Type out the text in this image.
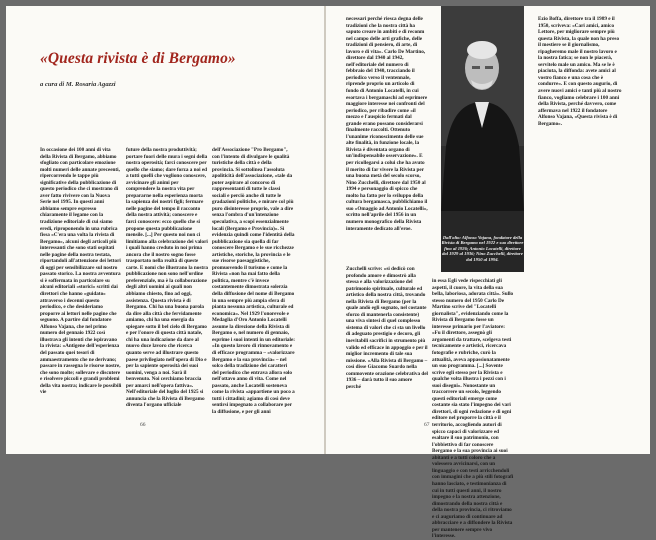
«Questa rivista è di Bergamo»

a cura di M. Rosaria Agazzi

In occasione dei 100 anni di vita della Rivista di Bergamo, abbiamo sfogliato con particolare emozione molti numeri delle annate preceenti, ripercorrendo le tappe più significative della pubblicazione di questo periodico che ci mostrano di aver fatto rivivere con la Nuova Serie nel 1995. In questi anni abbiamo sempre espresso chiaramente il legame con la tradizione editoriale di cui siamo eredi, riproponendo in una rubrica fissa «C'era una volta la rivista di Bergamo», alcuni degli articoli più interessanti che sono stati ospitati nelle pagine della nostra testata, riportandoli all'attenzione dei lettori di oggi per sensibilizzare sul nostro passato storico. La nostra avventura si è soffermata in particolare su alcuni editoriali «storici» scritti dai direttori che hanno «guidato» attraverso i decenni questo periodico, e che desideriamo proporre ai lettori nelle pagine che seguono. A partire dal fondatore Alfonso Vajana, che nel primo numero del gennaio 1922 così illustrava gli intenti che ispiravano la rivista: «Antigene dell'esperienza del passato quei tesori di ammaestramento che ne derivano; passare in rassegna le risorse nostre, che sono molte; sollevare e discutere e risolvere piccoli e grandi problemi della vita nostra; indicare le possibili vie

future della nostra produttività; portare fuori delle mura i segni della nostra operosità; farci conoscere per quello che siamo; dare forza a noi ed a tutti quelli che vogliono conoscere, avvicinare gli animi per comprendere la nostra vita per prepararne nella esperienza morta la sapienza dei nostri figli; fermare nelle pagine del tempo il racconto della nostra attività; conoscere e farci conoscere: ecco quello che si propone questa pubblicazione mensile. [...] Per questo noi non ci limitiamo alla celebrazione dei valori i quali hanno creduto in noi prima ancora che il nostro sogno fosse trasportato nella realtà di queste carte. E nomi che illustrano la nostra pubblicazione non sono nell'ordine preferenziale, ma è la collaborazione degli altri uomini ai quali non abbiamo chiesto, fino ad oggi, assistenza. Questa rivista è di Bergamo. Chi ha una buona parola da dire alla città che fervidamente amiamo, chi ha una energia da spiegare sotto il bel cielo di Bergamo e per l'onore di questa città natale, chi ha una indicazione da dare al nuovo duce lavoro che ricerca quanto serve ad illustrare questo paese privilegiato nell'opera di Dio e per la sapiente operosità dei suoi uomini, venga a noi. Sarà il benvenuto. Noi cerchiamo braccia per amarci nell'opera fattiva». Nell'editoriale del luglio del 1925 si annuncia che la Rivista di Bergamo diventa l'organo ufficiale

dell'Associazione "Pro Bergamo", con l'intento di divulgare le qualità turistiche della città e della provincia. Si sottolinea l'assoluta apoliticità dell'associazione, «tale da poter aspirare al concorso di rappresentanti di tutte le classi sociali e perciò anche di tutte le gradazioni politiche, e mirare col più puro disinteresse proprio, vale a dire senza l'ombra d'un'intenzione speculativa, a scopi essenzialmente locali (Bergamo e Provincia)». Si evidenzia quindi come l'identità della pubblicazione sia quella di far conoscere Bergamo e le sue ricchezze artistiche, storiche, la provincia e le sue risorse paesaggistiche, promuovendo il turismo e come la Rivista «non ha mai fatto della politica, mentre c'è invece costantemente dimostrata solerzia della diffusione del nome di Bergamo in una sempre più ampia sfera di pianta nessuna artistica, culturale ed economica». Nel 1929 l'onorevole e Medaglia d'Oro Antonio Locatelli assume la direzione della Rivista di Bergamo e, nel numero di gennaio, esprime i suoi intenti in un editoriale: «In questo lavoro di rinnovamento e di efficace programma – «valorizzare Bergamo e la sua provincia» – nel solco della tradizione dei caratteri del periodico che entrava allora solo nell'ottavo anno di vita. Come nel passato, anche Locatelli sosteneva come la rivista «appartiene un poco a tutti i cittadini; agiamo di così deve sentirsi impegnato a collaborare per la diffusione, e per gli anni

66

necessari perché riesca degna delle tradizioni che la nostra città ha saputo creare in ambiti e di reconm nel campo delle arti grafiche, delle tradizioni di pensiero, di arte, di lavoro e di vita». Carlo De Martino, direttore dal 1940 al 1942, nell'editoriale del numero di febbraio del 1940, tracciando il periodico verso il ventennale, riprende proprio un articolo di fondo di Antonio Locatelli, in cui esortava i bergamaschi ad esprimere maggiore interesse nei confronti del periodico, per ribadire come «il mezzo e l'auspicio fermati dal grande erano possano considerarsi finalmente raccolti. Ottenuto l'unanime riconoscimento delle sue alte finalità, in funzione locale, la Rivista è diventata organo di un'indispensabile osservazione». E per ricollegarsi a colui che ha avuto il merito di far vivere la Rivista per una buona metà del secolo scorso, Nino Zucchelli, direttore dal 1950 al 1994 e personaggio di spicco che molto ha fatto per lo sviluppo della cultura bergamasca, pubblichiamo il suo «Omaggio ad Antonio Locatelli», scritto nell'aprile del 1956 in un numero monografico della Rivista interamente dedicato all'eroe.

Zucchelli scrive: «si dedicò con profondo amore e dimostrò alla stessa e alla valorizzazione del patrimonio spirituale, culturale ed artistico della nostra città, trovando nella Rivista di Bergamo (per la quale andò egli sognato, nel costante sforzo di mantenerla consistente) una viva sintesi di quel complesso sistema di valori che ci sta un livello di adeguato prestigio e decoro, gli inevitabili sacrifici in strumento più valido ed efficace in appoggio e per il miglior incremento di tale sua missione. «Alla Rivista di Bergamo – così disse Giacomo Suardo nella commovente orazione celebrativa del 1936 – darà tutto il suo amore perché

Dall'alto: Alfonso Vajana, fondatore della Rivista di Bergamo nel 1922 e suo direttore fino al 1926; Antonio Locatelli, direttore dal 1929 al 1936; Nino Zucchelli, direttore dal 1950 al 1994.

in essa Egli vede rispecchiati gli aspetti, il cuore, la vita della sua bella, laboriosa, adorata città». Sullo stesso numero del 1950 Carlo De Martino scrive del "Locatelli giornalista", evidenziando come la Rivista di Bergamo fosse un interesse primario per l'aviatore: «Fu il direttore, assegnò gli argomenti da trattare, scelgeva testi tecnicamente e artistici, ricercava fotografie e rubriche, curò la attualità, aveva appassionatamente un suo programma. [...] Sovente scrive egli stesso per la Rivista e qualche volta illustra i pezzi con i suoi disegni». Nonostante un traccorrere un secolo, leggendo questi editoriali emerge come costante sia stato l'impegno dei vari direttori, di ogni redazione e di ogni editore nel proporre la città e il territorio, accogliendo autori di spicco capaci di valorizzare ed esaltare il suo patrimonio, con l'obbiettivo di far conoscere Bergamo e la sua provincia ai suoi abitanti e a tutti coloro che a volessero avvicinarsi, con un linguaggio e con testi arricchendoli con immagini che a più stili fotografi hanno lasciato, e testimonianza di cui in tutti questi anni, il nostro impegno e la nostra attenzione, dimostrando della nostra città e della nostra provincia, ci ritroviamo e ci auguriamo di continuare ad abbracciare e a diffondere la Rivista per mantenere sempre vivo l'interesse.

Ezio Boffa, direttore tra il 1989 e il 1950, scriveva: «Cari amici, amico Lettore, per migliorare sempre più questa Rivista, la quale non ha preso il mestiere se il giornalismo, ripagheremo male il nostro lavoro e la nostra fatica; se non le piacerà, servitelo male un amico. Ma se le è piaciuta, la diffonda: avete amici al vostro fianco e una cosa che è condurre». E con questo augurio, di avere nuovi amici e tanti più al nostro fianco, vogliamo celebrare i 100 anni della Rivista, perché davvero, come affermava nel 1922 il fondatore Alfonso Vajana, «Questa rivista è di Bergamo».

67
